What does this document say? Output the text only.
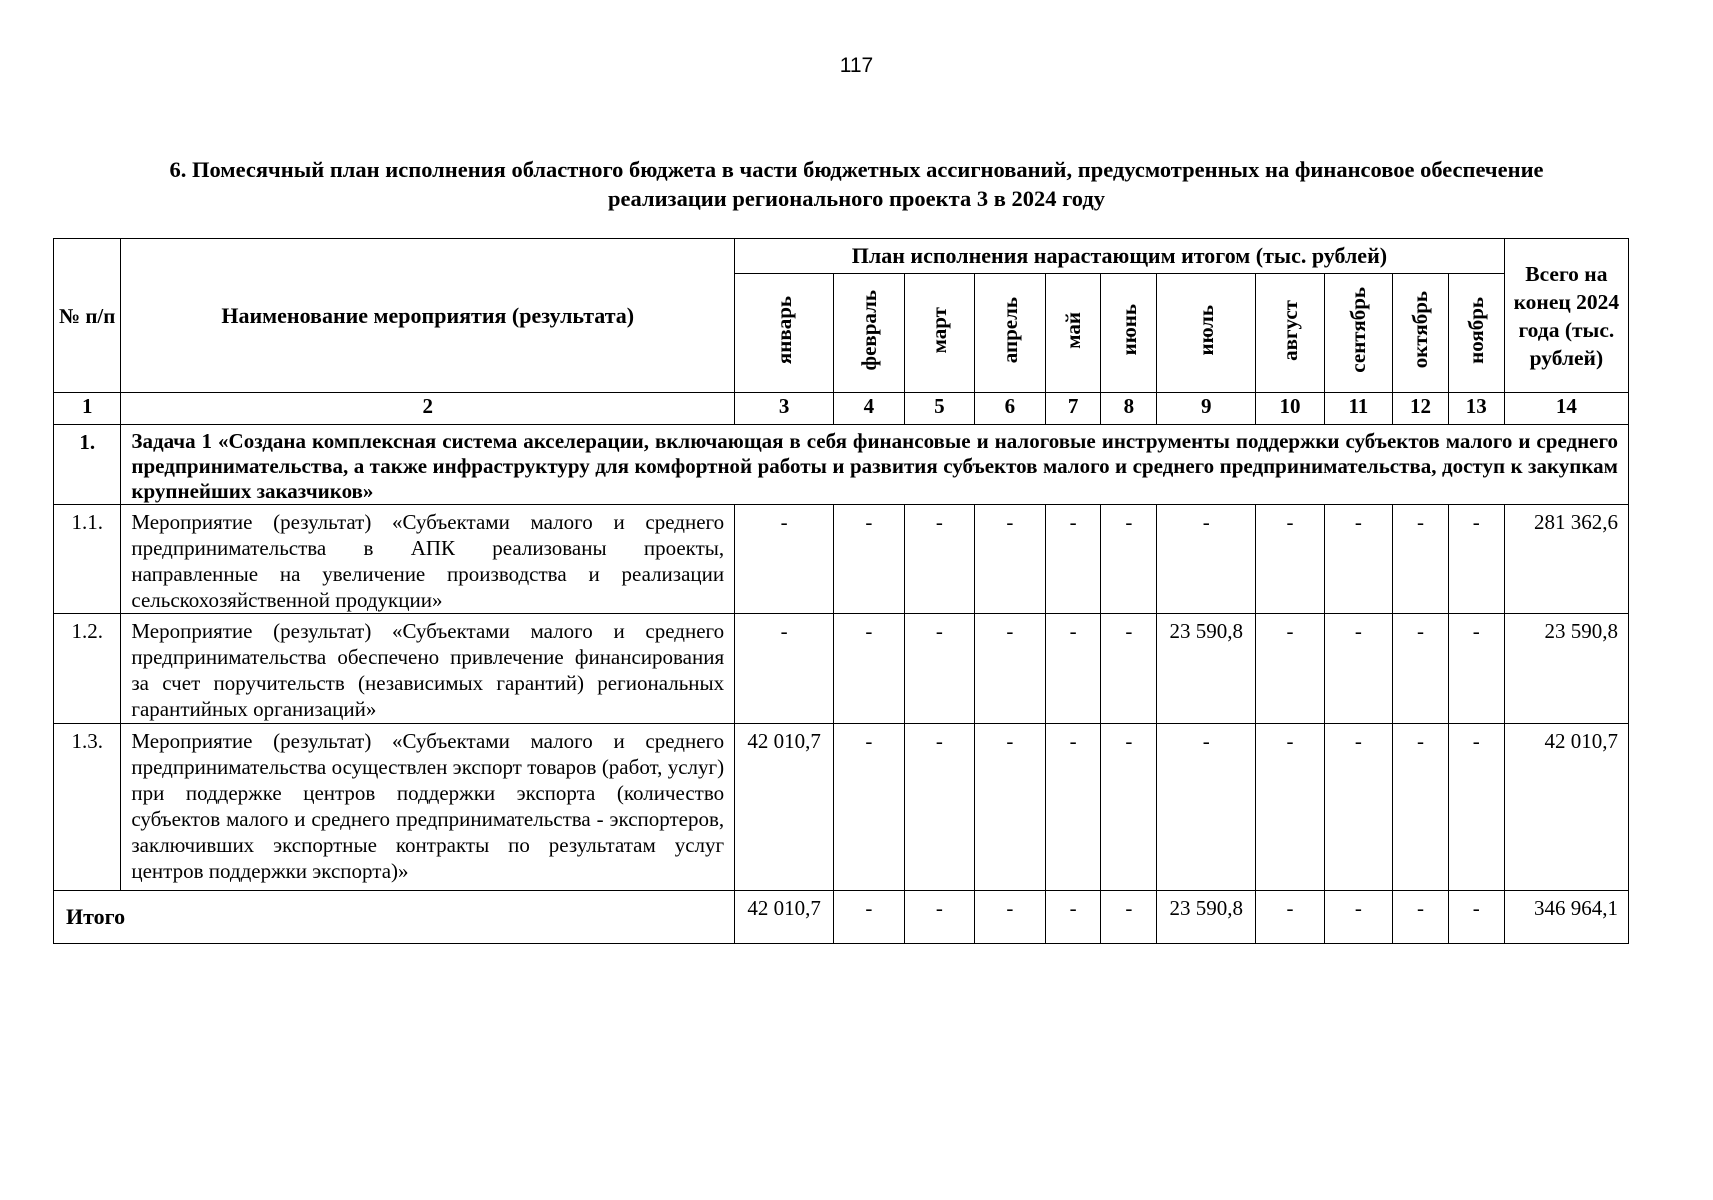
117
6. Помесячный план исполнения областного бюджета в части бюджетных ассигнований, предусмотренных на финансовое обеспечение
реализации регионального проекта 3 в 2024 году
№ п/п	Наименование мероприятия (результата)	План исполнения нарастающим итогом (тыс. рублей)											Всего на конец 2024 года (тыс. рублей)
		январь	февраль	март	апрель	май	июнь	июль	август	сентябрь	октябрь	ноябрь	
1	2	3	4	5	6	7	8	9	10	11	12	13	14
1.	Задача 1 «Создана комплексная система акселерации, включающая в себя финансовые и налоговые инструменты поддержки субъектов малого и среднего предпринимательства, а также инфраструктуру для комфортной работы и развития субъектов малого и среднего предпринимательства, доступ к закупкам крупнейших заказчиков»												
1.1.	Мероприятие (результат) «Субъектами малого и среднего предпринимательства в АПК реализованы проекты, направленные на увеличение производства и реализации сельскохозяйственной продукции»	-	-	-	-	-	-	-	-	-	-	-	281 362,6
1.2.	Мероприятие (результат) «Субъектами малого и среднего предпринимательства обеспечено привлечение финансирования за счет поручительств (независимых гарантий) региональных гарантийных организаций»	-	-	-	-	-	-	23 590,8	-	-	-	-	23 590,8
1.3.	Мероприятие (результат) «Субъектами малого и среднего предпринимательства осуществлен экспорт товаров (работ, услуг) при поддержке центров поддержки экспорта (количество субъектов малого и среднего предпринимательства - экспортеров, заключивших экспортные контракты по результатам услуг центров поддержки экспорта)»	42 010,7	-	-	-	-	-	-	-	-	-	-	42 010,7
Итого		42 010,7	-	-	-	-	-	23 590,8	-	-	-	-	346 964,1
